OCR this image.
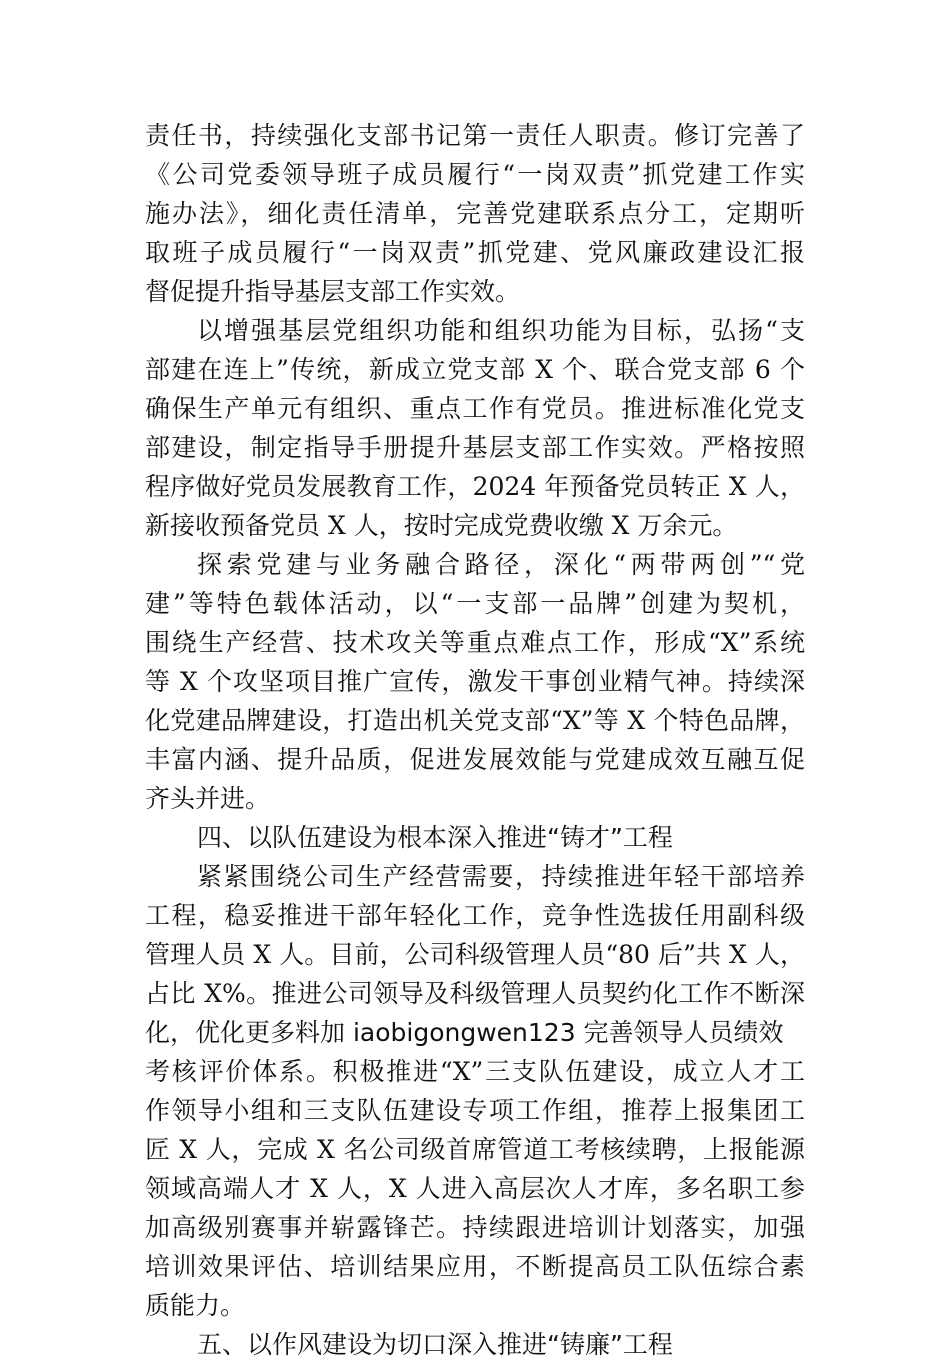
责任书，持续强化支部书记第一责任人职责。修订完善了
《公司党委领导班子成员履行“一岗双责”抓党建工作实
施办法》，细化责任清单，完善党建联系点分工，定期听
取班子成员履行“一岗双责”抓党建、党风廉政建设汇报
督促提升指导基层支部工作实效。
以增强基层党组织功能和组织功能为目标，弘扬“支
部建在连上”传统，新成立党支部 X 个、联合党支部 6 个
确保生产单元有组织、重点工作有党员。推进标准化党支
部建设，制定指导手册提升基层支部工作实效。严格按照
程序做好党员发展教育工作，2024 年预备党员转正 X 人，
新接收预备党员 X 人，按时完成党费收缴 X 万余元。
探索党建与业务融合路径，深化“两带两创”“党
建”等特色载体活动，以“一支部一品牌”创建为契机，
围绕生产经营、技术攻关等重点难点工作，形成“X”系统
等 X 个攻坚项目推广宣传，激发干事创业精气神。持续深
化党建品牌建设，打造出机关党支部“X”等 X 个特色品牌，
丰富内涵、提升品质，促进发展效能与党建成效互融互促
齐头并进。
四、以队伍建设为根本深入推进“铸才”工程
紧紧围绕公司生产经营需要，持续推进年轻干部培养
工程，稳妥推进干部年轻化工作，竞争性选拔任用副科级
管理人员 X 人。目前，公司科级管理人员“80 后”共 X 人，
占比 X%。推进公司领导及科级管理人员契约化工作不断深
化，优化更多料加 iaobigongwen123 完善领导人员绩效
考核评价体系。积极推进“X”三支队伍建设，成立人才工
作领导小组和三支队伍建设专项工作组，推荐上报集团工
匠 X 人，完成 X 名公司级首席管道工考核续聘，上报能源
领域高端人才 X 人，X 人进入高层次人才库，多名职工参
加高级别赛事并崭露锋芒。持续跟进培训计划落实，加强
培训效果评估、培训结果应用，不断提高员工队伍综合素
质能力。
五、以作风建设为切口深入推进“铸廉”工程
